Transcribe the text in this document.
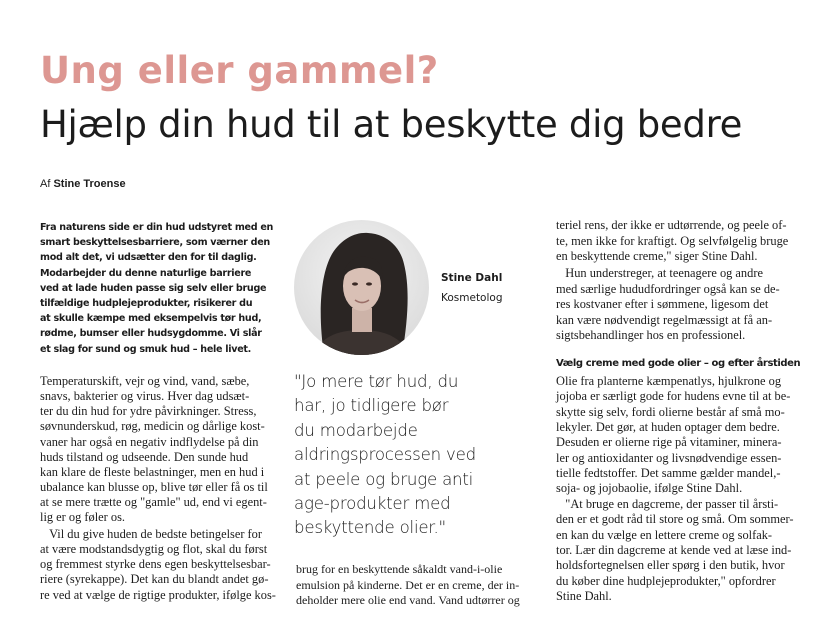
Ung eller gammel?
Hjælp din hud til at beskytte dig bedre
Af Stine Troense

Fra naturens side er din hud udstyret med en
smart beskyttelsesbarriere, som værner den
mod alt det, vi udsætter den for til daglig.
Modarbejder du denne naturlige barriere
ved at lade huden passe sig selv eller bruge
tilfældige hudplejeprodukter, risikerer du
at skulle kæmpe med eksempelvis tør hud,
rødme, bumser eller hudsygdomme. Vi slår
et slag for sund og smuk hud – hele livet.

Temperaturskift, vejr og vind, vand, sæbe,
snavs, bakterier og virus. Hver dag udsæt-
ter du din hud for ydre påvirkninger. Stress,
søvnunderskud, røg, medicin og dårlige kost-
vaner har også en negativ indflydelse på din
huds tilstand og udseende. Den sunde hud
kan klare de fleste belastninger, men en hud i
ubalance kan blusse op, blive tør eller få os til
at se mere trætte og "gamle" ud, end vi egent-
lig er og føler os.

Vil du give huden de bedste betingelser for
at være modstandsdygtig og flot, skal du først
og fremmest styrke dens egen beskyttelsesbar-
riere (syrekappe). Det kan du blandt andet gø-
re ved at vælge de rigtige produkter, ifølge kos-

Stine Dahl
Kosmetolog
"Jo mere tør hud, du
har, jo tidligere bør
du modarbejde
aldringsprocessen ved
at peele og bruge anti
age-produkter med
beskyttende olier."

brug for en beskyttende såkaldt vand-i-olie
emulsion på kinderne. Det er en creme, der in-
deholder mere olie end vand. Vand udtørrer og

teriel rens, der ikke er udtørrende, og peele of-
te, men ikke for kraftigt. Og selvfølgelig bruge
en beskyttende creme," siger Stine Dahl.

Hun understreger, at teenagere og andre
med særlige hududfordringer også kan se de-
res kostvaner efter i sømmene, ligesom det
kan være nødvendigt regelmæssigt at få an-
sigtsbehandlinger hos en professionel.

Vælg creme med gode olier – og efter årstiden

Olie fra planterne kæmpenatlys, hjulkrone og
jojoba er særligt gode for hudens evne til at be-
skytte sig selv, fordi olierne består af små mo-
lekyler. Det gør, at huden optager dem bedre.
Desuden er olierne rige på vitaminer, minera-
ler og antioxidanter og livsnødvendige essen-
tielle fedtstoffer. Det samme gælder mandel,-
soja- og jojobaolie, ifølge Stine Dahl.

"At bruge en dagcreme, der passer til årsti-
den er et godt råd til store og små. Om sommer-
en kan du vælge en lettere creme og solfak-
tor. Lær din dagcreme at kende ved at læse ind-
holdsfortegnelsen eller spørg i den butik, hvor
du køber dine hudplejeprodukter," opfordrer
Stine Dahl.
